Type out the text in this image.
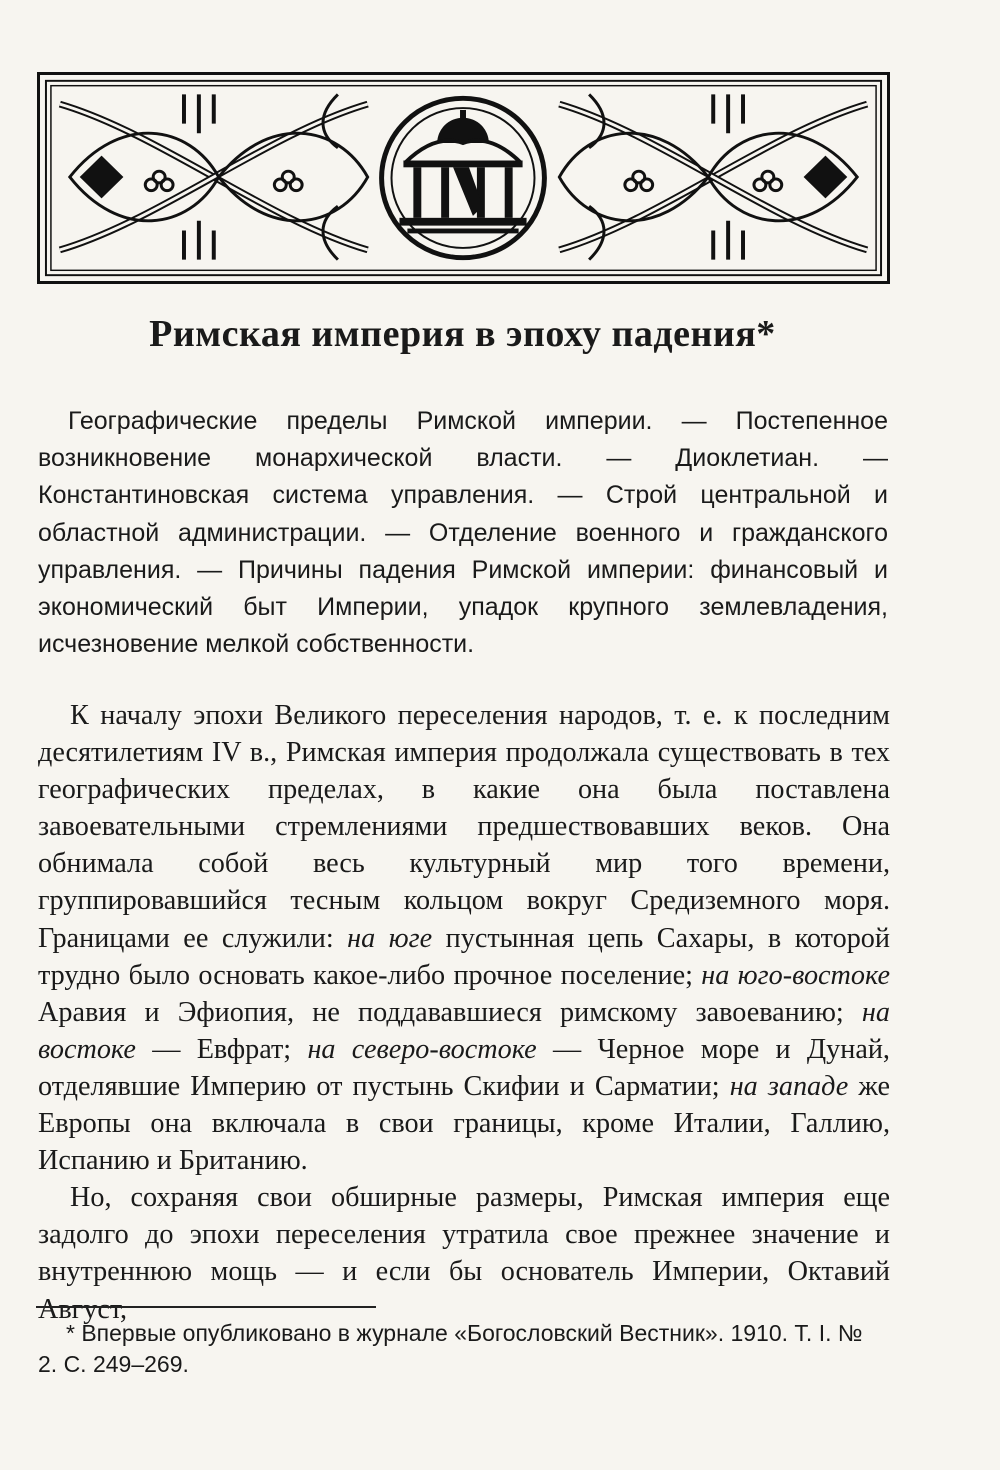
Римская империя в эпоху падения*

Географические пределы Римской империи. — Постепенное возникновение монархической власти. — Диоклетиан. — Константиновская система управления. — Строй центральной и областной администрации. — Отделение военного и гражданского управления. — Причины падения Римской империи: финансовый и экономический быт Империи, упадок крупного землевладения, исчезновение мелкой собственности.

К началу эпохи Великого переселения народов, т. е. к последним десятилетиям IV в., Римская империя продолжала существовать в тех географических пределах, в какие она была поставлена завоевательными стремлениями предшествовавших веков. Она обнимала собой весь культурный мир того времени, группировавшийся тесным кольцом вокруг Средиземного моря. Границами ее служили: на юге пустынная цепь Сахары, в которой трудно было основать какое-либо прочное поселение; на юго-востоке Аравия и Эфиопия, не поддававшиеся римскому завоеванию; на востоке — Евфрат; на северо-востоке — Черное море и Дунай, отделявшие Империю от пустынь Скифии и Сарматии; на западе же Европы она включала в свои границы, кроме Италии, Галлию, Испанию и Британию.

Но, сохраняя свои обширные размеры, Римская империя еще задолго до эпохи переселения утратила свое прежнее значение и внутреннюю мощь — и если бы основатель Империи, Октавий Август,

* Впервые опубликовано в журнале «Богословский Вестник». 1910. Т. I. № 2. С. 249–269.
